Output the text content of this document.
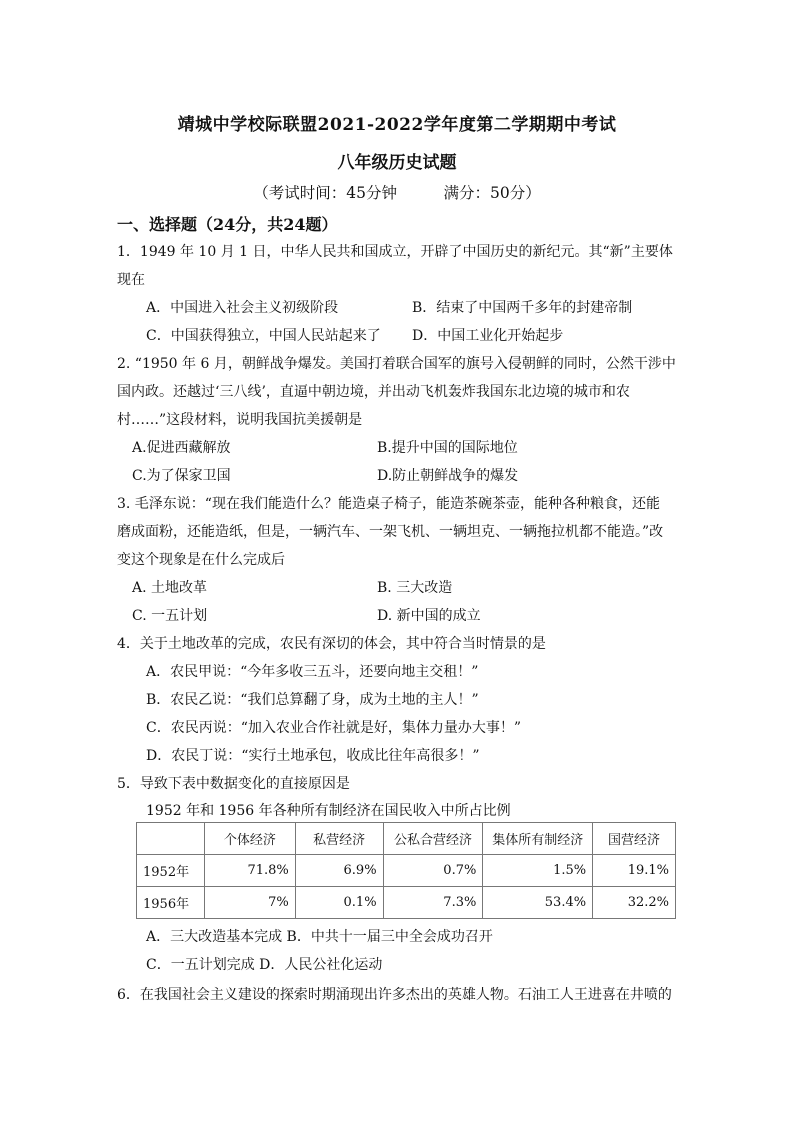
靖城中学校际联盟2021-2022学年度第二学期期中考试
八年级历史试题
（考试时间：45分钟　　　满分：50分）
一、选择题（24分，共24题）
1．1949 年 10 月 1 日，中华人民共和国成立，开辟了中国历史的新纪元。其“新”主要体
现在
A．中国进入社会主义初级阶段	B．结束了中国两千多年的封建帝制
C．中国获得独立，中国人民站起来了 D．中国工业化开始起步
2. “1950 年 6 月，朝鲜战争爆发。美国打着联合国军的旗号入侵朝鲜的同时，公然干涉中
国内政。还越过‘三八线’，直逼中朝边境，并出动飞机轰炸我国东北边境的城市和农
村……”这段材料，说明我国抗美援朝是
A.促进西藏解放	B.提升中国的国际地位
C.为了保家卫国	D.防止朝鲜战争的爆发
3. 毛泽东说：“现在我们能造什么？能造桌子椅子，能造茶碗茶壶，能种各种粮食，还能
磨成面粉，还能造纸，但是，一辆汽车、一架飞机、一辆坦克、一辆拖拉机都不能造。”改
变这个现象是在什么完成后
A. 土地改革	B. 三大改造
C. 一五计划	D. 新中国的成立
4．关于土地改革的完成，农民有深切的体会，其中符合当时情景的是
A．农民甲说：“今年多收三五斗，还要向地主交租！”
B．农民乙说：“我们总算翻了身，成为土地的主人！”
C．农民丙说：“加入农业合作社就是好，集体力量办大事！”
D．农民丁说：“实行土地承包，收成比往年高很多！”
5．导致下表中数据变化的直接原因是
1952 年和 1956 年各种所有制经济在国民收入中所占比例
	个体经济	私营经济	公私合营经济	集体所有制经济	国营经济
1952年	71.8%	6.9%	0.7%	1.5%	19.1%
1956年	7%	0.1%	7.3%	53.4%	32.2%
A．三大改造基本完成 B．中共十一届三中全会成功召开
C．一五计划完成 D．人民公社化运动
6．在我国社会主义建设的探索时期涌现出许多杰出的英雄人物。石油工人王进喜在井喷的
